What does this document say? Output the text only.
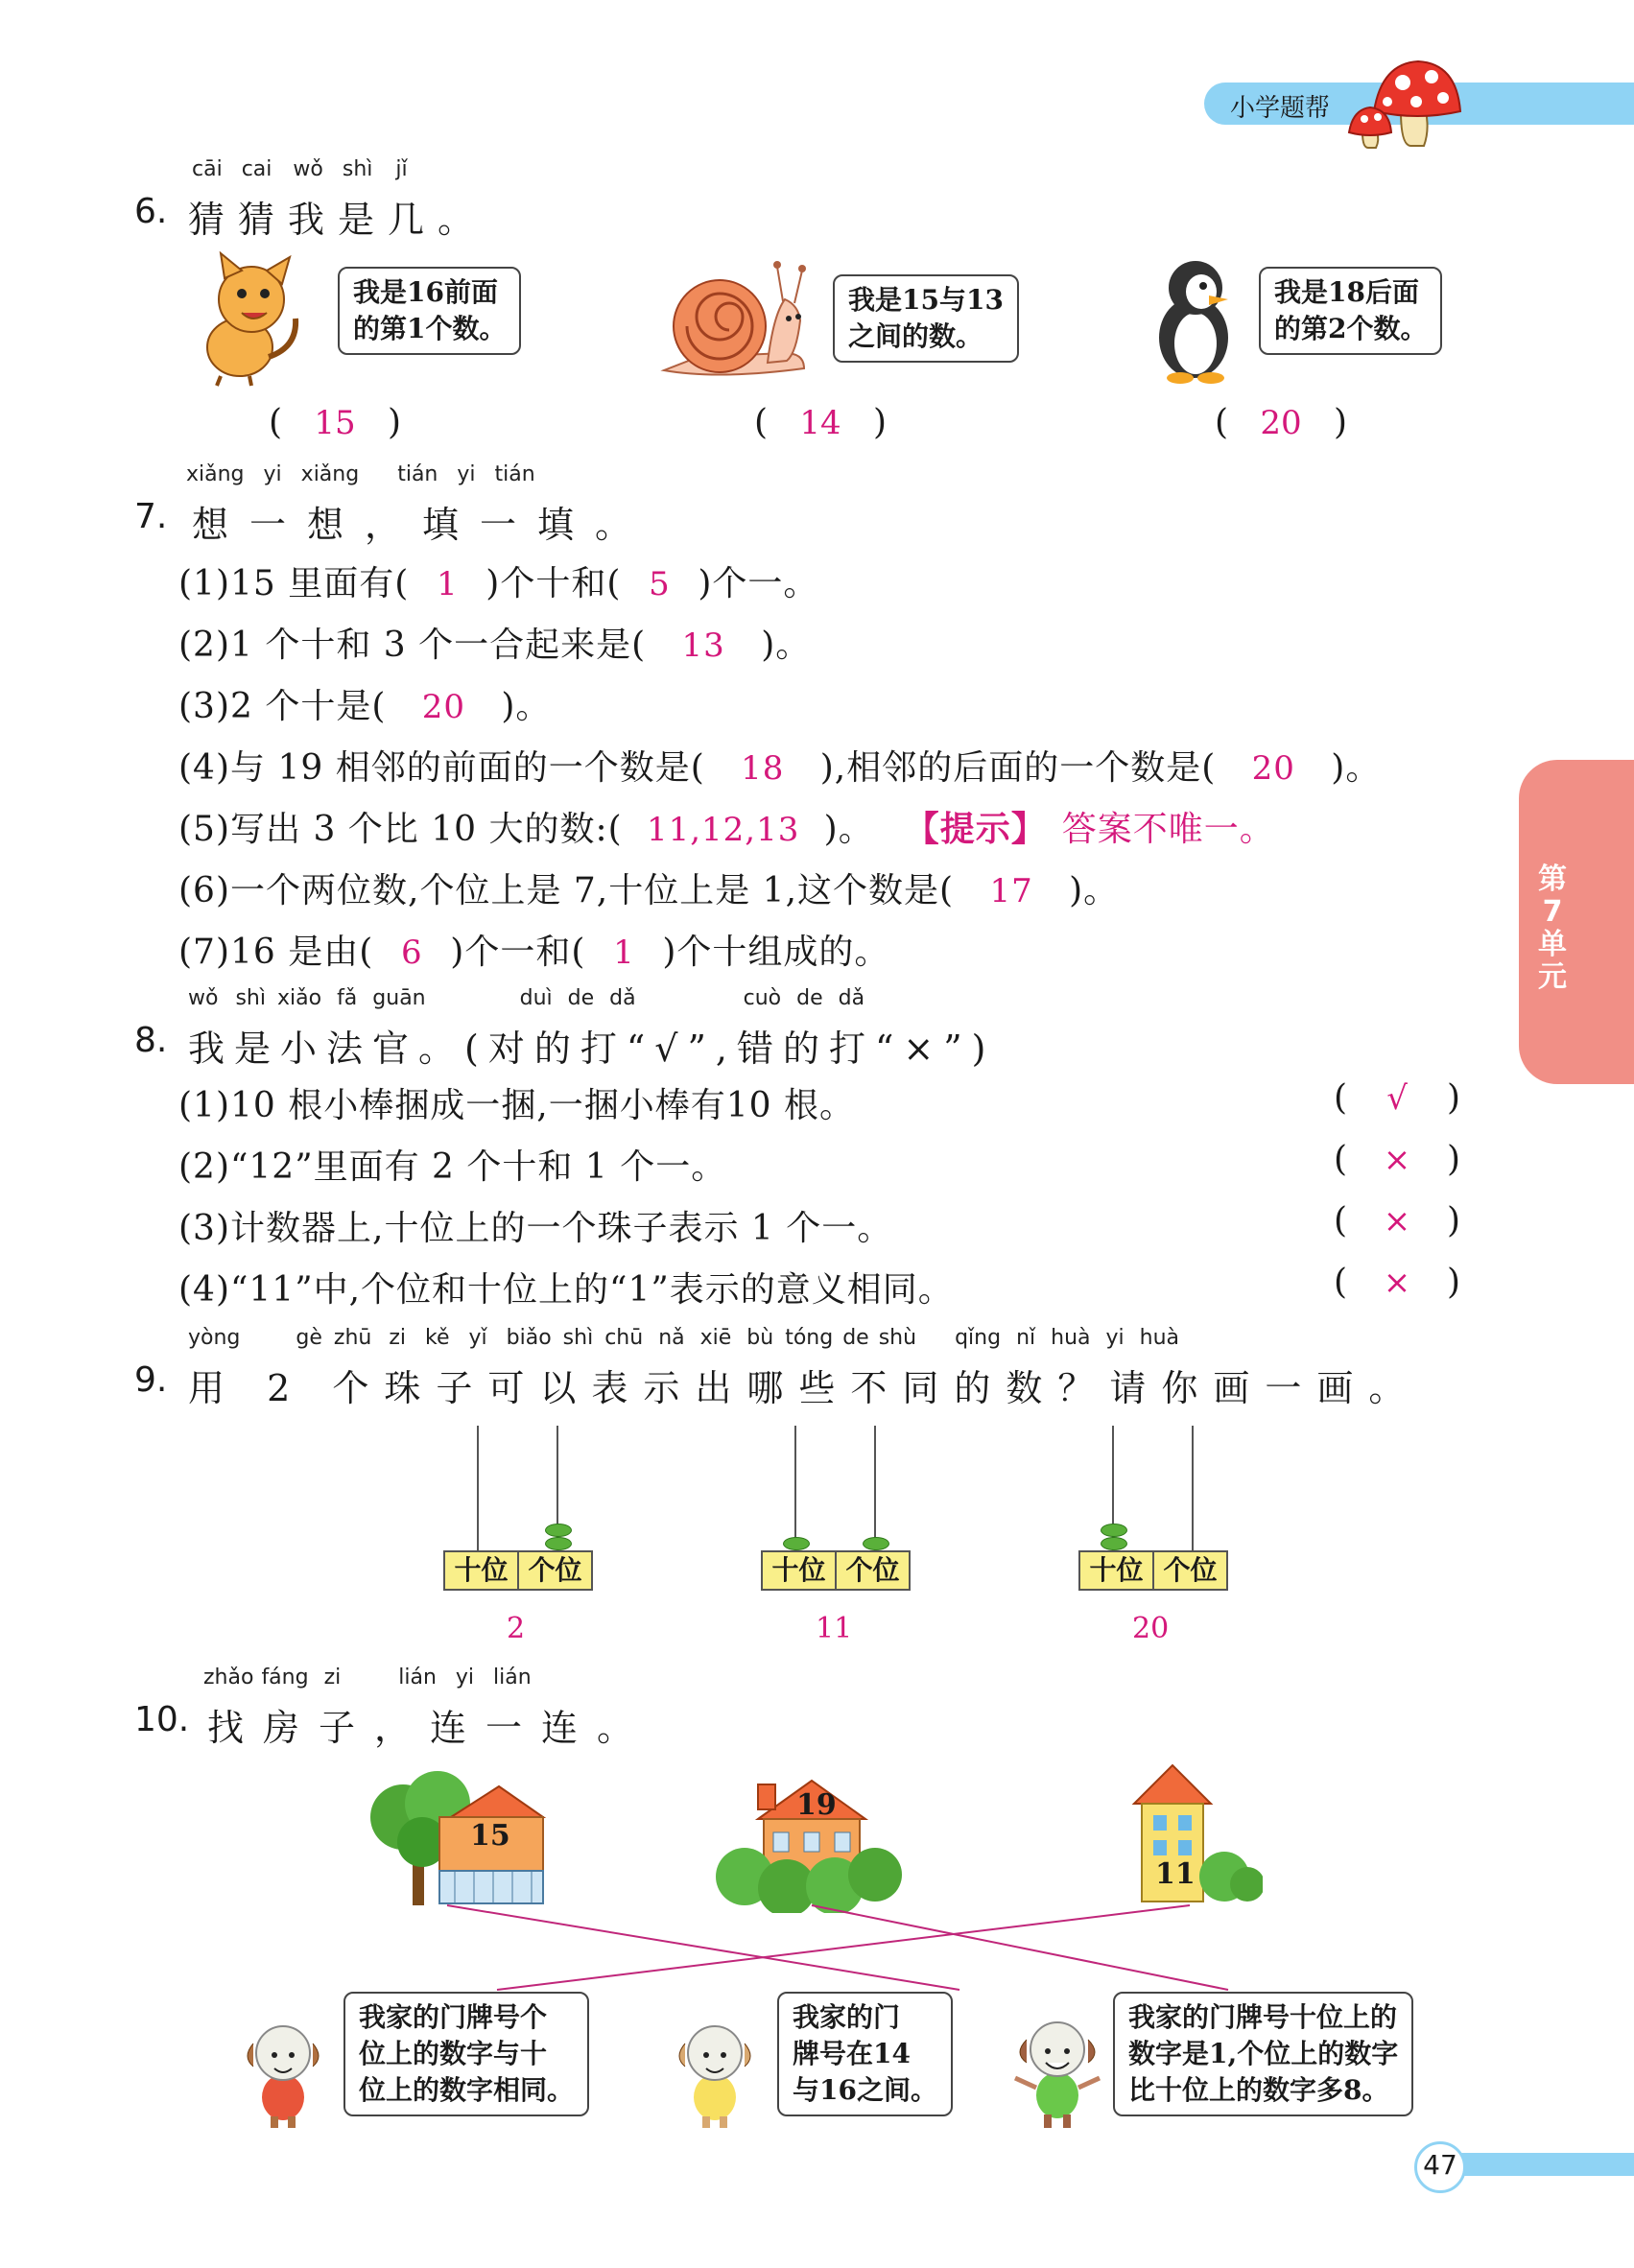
小学题帮
第7单元
cāi cai wǒ shì jǐ
6. 猜猜我是几。
我是16前面
的第1个数。
( 15 )
我是15与13
之间的数。
( 14 )
我是18后面
的第2个数。
( 20 )
xiǎng yi xiǎng tián yi tián
7. 想一想，填一填。
(1)15 里面有( 1 )个十和( 5 )个一。
(2)1 个十和 3 个一合起来是( 13 )。
(3)2 个十是( 20 )。
(4)与 19 相邻的前面的一个数是( 18 ),相邻的后面的一个数是( 20 )。
(5)写出 3 个比 10 大的数:( 11,12,13 )。 【提示】 答案不唯一。
(6)一个两位数,个位上是 7,十位上是 1,这个数是( 17 )。
(7)16 是由( 6 )个一和( 1 )个十组成的。
wǒ shì xiǎo fǎ guān	duì de dǎ	cuò de dǎ
8. 我是小法官。(对的打“√”,错的打“×”)
(1)10 根小棒捆成一捆,一捆小棒有10 根。	( √ )
(2)“12”里面有 2 个十和 1 个一。	( × )
(3)计数器上,十位上的一个珠子表示 1 个一。	( × )
(4)“11”中,个位和十位上的“1”表示的意义相同。	( × )
yòng	gè zhū zi kě yǐ biǎo shì chū nǎ xiē bù tóng de shù qǐng nǐ huà yi huà
9. 用 2 个珠子可以表示出哪些不同的数？请你画一画。
十位 个位
2
十位 个位
11
十位 个位
20
zhǎo fáng zi	lián yi lián
10. 找房子，连一连。
15
19
11
我家的门牌号个
位上的数字与十
位上的数字相同。
我家的门
牌号在14
与16之间。
我家的门牌号十位上的
数字是1,个位上的数字
比十位上的数字多8。
47
